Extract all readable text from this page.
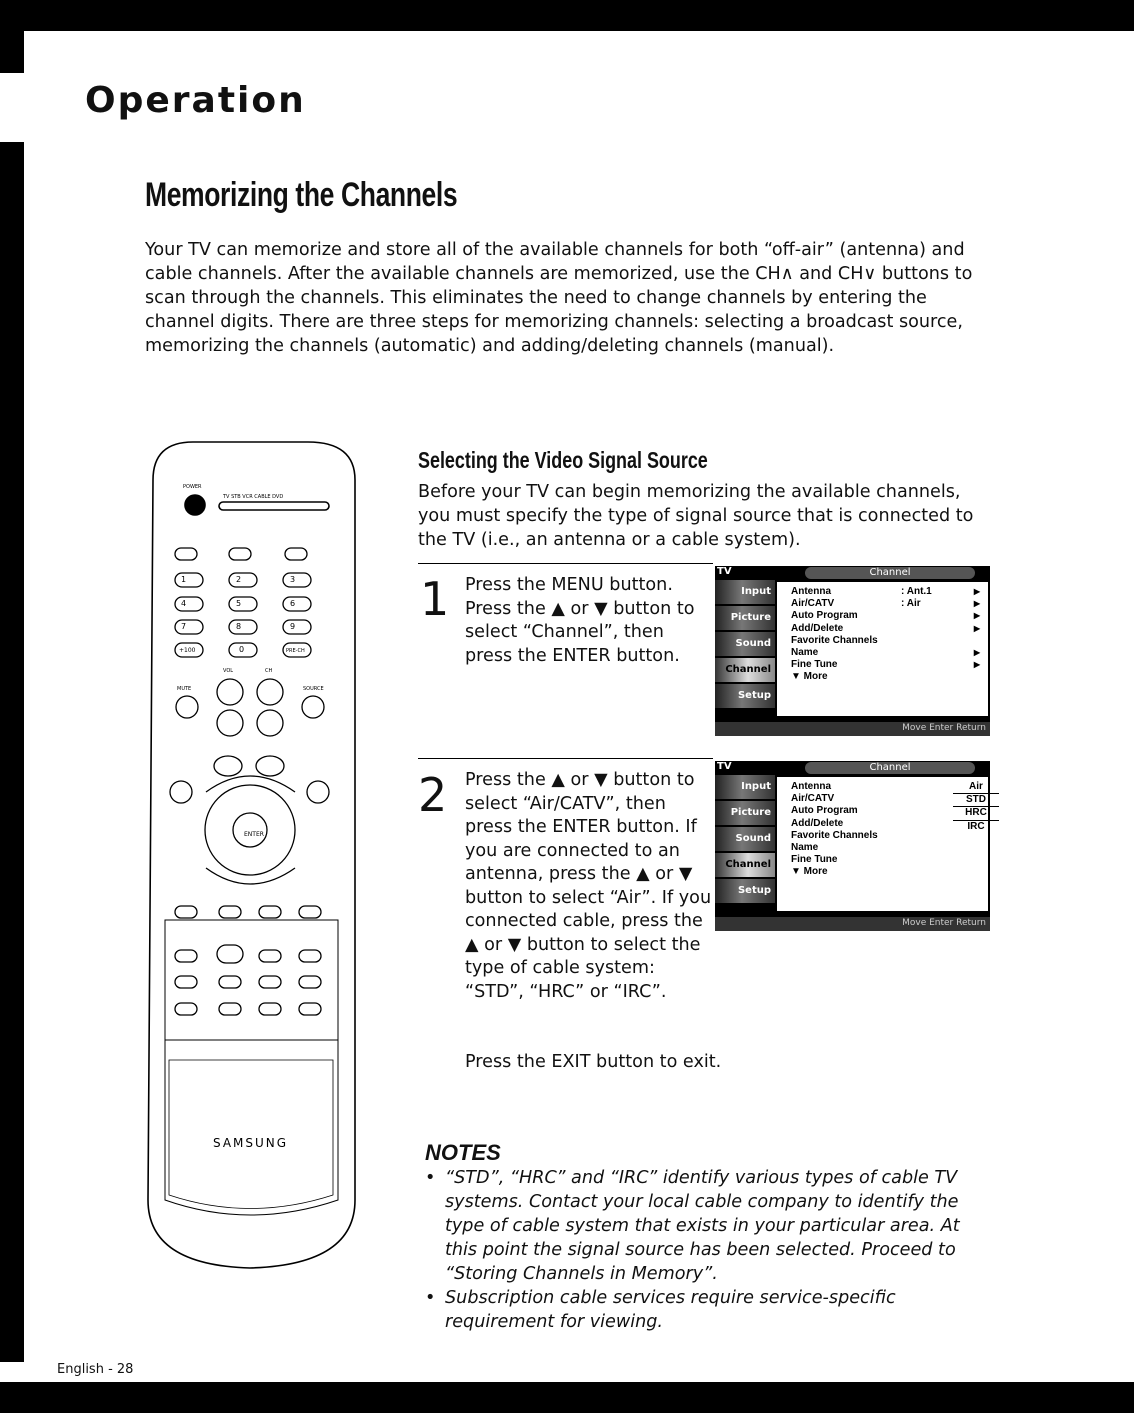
Operation
Memorizing the Channels

Your TV can memorize and store all of the available channels for both “off-air” (antenna) and cable channels. After the available channels are memorized, use the CH∧ and CH∨ buttons to scan through the channels. This eliminates the need to change channels by entering the channel digits. There are three steps for memorizing channels: selecting a broadcast source, memorizing the channels (automatic) and adding/deleting channels (manual).

POWER
TV STB VCR CABLE DVD
1	2	3
4	5	6
7	8	9
+100	0	PRE-CH
VOL	CH
MUTE	SOURCE
ENTER
SAMSUNG
Selecting the Video Signal Source

Before your TV can begin memorizing the available channels, you must specify the type of signal source that is connected to the TV (i.e., an antenna or a cable system).

1 Press the MENU button. Press the ▲ or ▼ button to select “Channel”, then press the ENTER button.

TV	Channel
Input
Picture
Sound
Channel
Setup
Antenna	: Ant.1	▶
Air/CATV	: Air	▶
Auto Program	▶
Add/Delete	▶
Favorite Channels
Name	▶
Fine Tune	▶
▼ More
Move Enter Return
2 Press the ▲ or ▼ button to select “Air/CATV”, then press the ENTER button. If you are connected to an antenna, press the ▲ or ▼ button to select “Air”. If you connected cable, press the ▲ or ▼ button to select the type of cable system: “STD”, “HRC” or “IRC”.

TV	Channel
Input
Picture
Sound
Channel
Setup
Antenna
Air/CATV
Auto Program
Add/Delete
Favorite Channels
Name
Fine Tune
▼ More
Air
STD
HRC
IRC
Move Enter Return

Press the EXIT button to exit.

NOTES
• “STD”, “HRC” and “IRC” identify various types of cable TV systems. Contact your local cable company to identify the type of cable system that exists in your particular area. At this point the signal source has been selected. Proceed to “Storing Channels in Memory”.
• Subscription cable services require service-specific requirement for viewing.
English - 28
